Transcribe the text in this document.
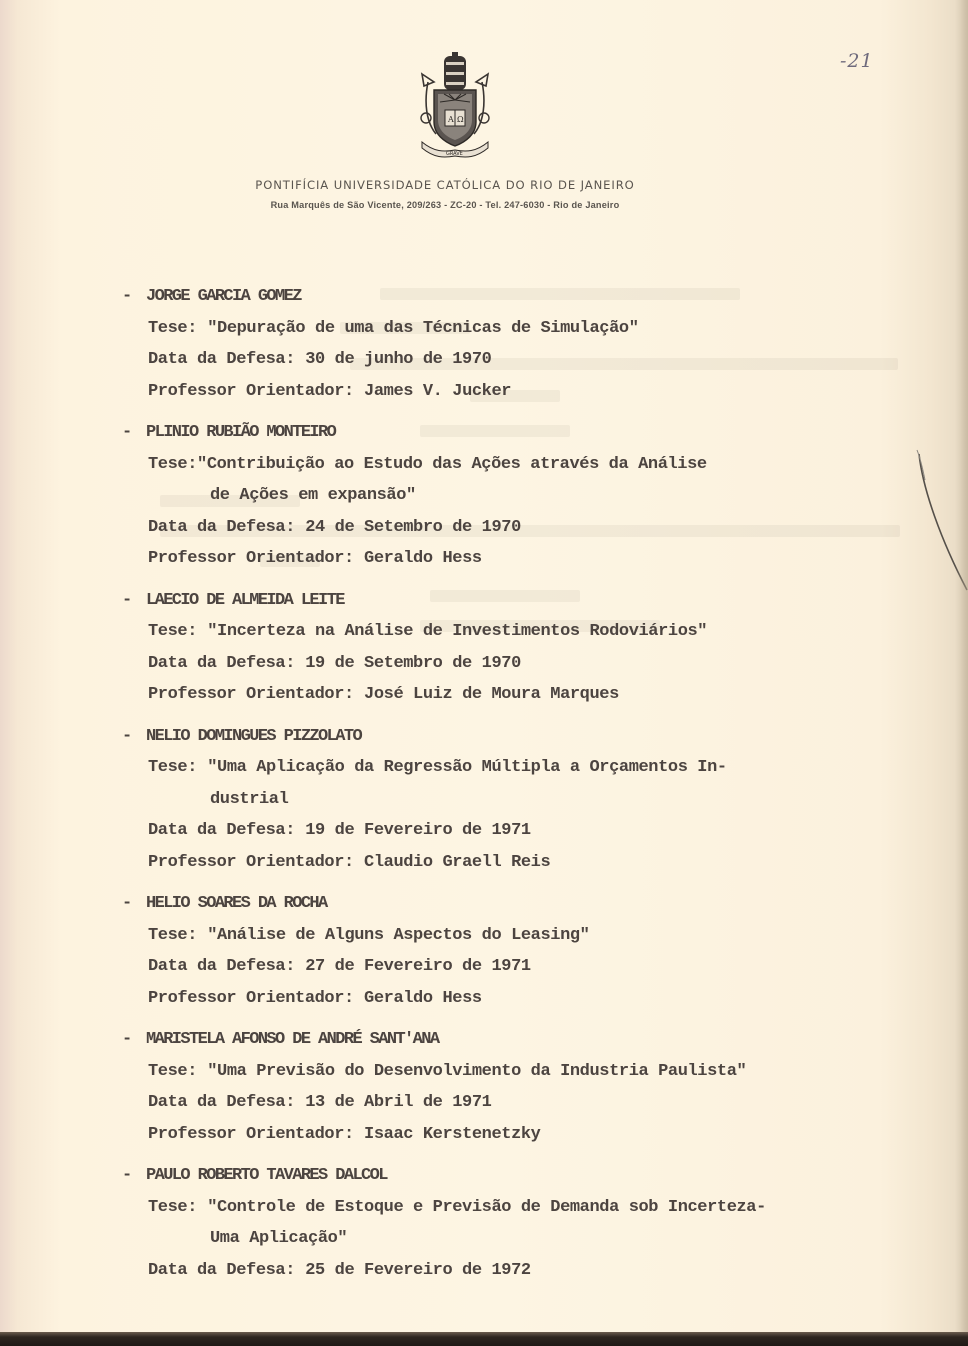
-21
A Ω
GRAVE
PONTIFÍCIA UNIVERSIDADE CATÓLICA DO RIO DE JANEIRO
Rua Marquês de São Vicente, 209/263 - ZC-20 - Tel. 247-6030 - Rio de Janeiro
- JORGE GARCIA GOMEZ
Tese: "Depuração de uma das Técnicas de Simulação"
Data da Defesa: 30 de junho de 1970
Professor Orientador: James V. Jucker
- PLINIO RUBIÃO MONTEIRO
Tese:"Contribuição ao Estudo das Ações através da Análise
de Ações em expansão"
Data da Defesa: 24 de Setembro de 1970
Professor Orientador: Geraldo Hess
- LAECIO DE ALMEIDA LEITE
Tese: "Incerteza na Análise de Investimentos Rodoviários"
Data da Defesa: 19 de Setembro de 1970
Professor Orientador: José Luiz de Moura Marques
- NELIO DOMINGUES PIZZOLATO
Tese: "Uma Aplicação da Regressão Múltipla a Orçamentos In-
dustrial
Data da Defesa: 19 de Fevereiro de 1971
Professor Orientador: Claudio Graell Reis
- HELIO SOARES DA ROCHA
Tese: "Análise de Alguns Aspectos do Leasing"
Data da Defesa: 27 de Fevereiro de 1971
Professor Orientador: Geraldo Hess
- MARISTELA AFONSO DE ANDRÉ SANT'ANA
Tese: "Uma Previsão do Desenvolvimento da Industria Paulista"
Data da Defesa: 13 de Abril de 1971
Professor Orientador: Isaac Kerstenetzky
- PAULO ROBERTO TAVARES DALCOL
Tese: "Controle de Estoque e Previsão de Demanda sob Incerteza-
Uma Aplicação"
Data da Defesa: 25 de Fevereiro de 1972
